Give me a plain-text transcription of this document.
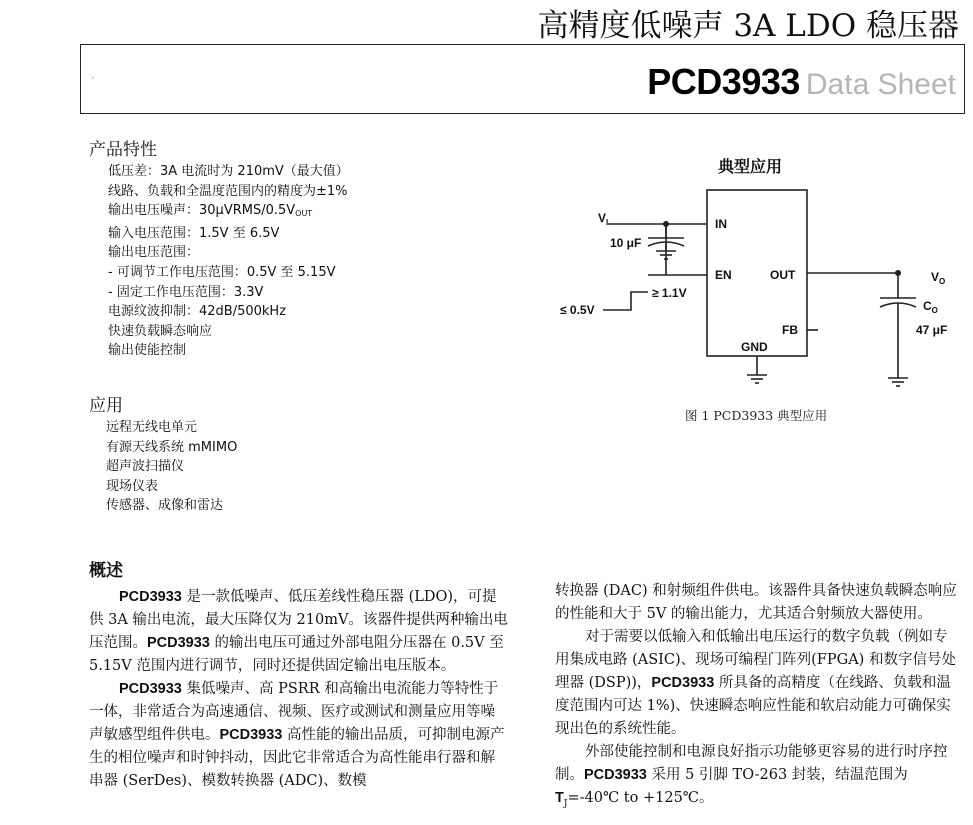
高精度低噪声 3A LDO 稳压器
·	PCD3933 Data Sheet
产品特性
低压差：3A 电流时为 210mV（最大值）
线路、负载和全温度范围内的精度为±1%
输出电压噪声：$30\mu VRMS/0.5V_{OUT}$
输入电压范围：1.5V 至 6.5V
输出电压范围：
- 可调节工作电压范围：0.5V 至 5.15V
- 固定工作电压范围：3.3V
电源纹波抑制：42dB/500kHz
快速负载瞬态响应
输出使能控制
应用
远程无线电单元
有源天线系统 mMIMO
超声波扫描仪
现场仪表
传感器、成像和雷达
典型应用
$V_I$
10 μF
IN
EN	OUT
FB
GND
$V_O$
$C_O$
47 μF
≤ 0.5V
≥ 1.1V
图 1 PCD3933 典型应用
概述
PCD3933 是一款低噪声、低压差线性稳压器 (LDO)，可提供 3A 输出电流，最大压降仅为 210mV。该器件提供两种输出电压范围。PCD3933 的输出电压可通过外部电阻分压器在 0.5V 至 5.15V 范围内进行调节，同时还提供固定输出电压版本。
PCD3933 集低噪声、高 PSRR 和高输出电流能力等特性于一体，非常适合为高速通信、视频、医疗或测试和测量应用等噪声敏感型组件供电。PCD3933 高性能的输出品质，可抑制电源产生的相位噪声和时钟抖动，因此它非常适合为高性能串行器和解串器 (SerDes)、模数转换器 (ADC)、数模
转换器 (DAC) 和射频组件供电。该器件具备快速负载瞬态响应的性能和大于 5V 的输出能力，尤其适合射频放大器使用。
对于需要以低输入和低输出电压运行的数字负载（例如专用集成电路 (ASIC)、现场可编程门阵列(FPGA) 和数字信号处理器 (DSP))，PCD3933 所具备的高精度（在线路、负载和温度范围内可达 1%)、快速瞬态响应性能和软启动能力可确保实现出色的系统性能。
外部使能控制和电源良好指示功能够更容易的进行时序控制。PCD3933 采用 5 引脚 TO-263 封装，结温范围为 $T_J=-40℃$ to +125℃。
